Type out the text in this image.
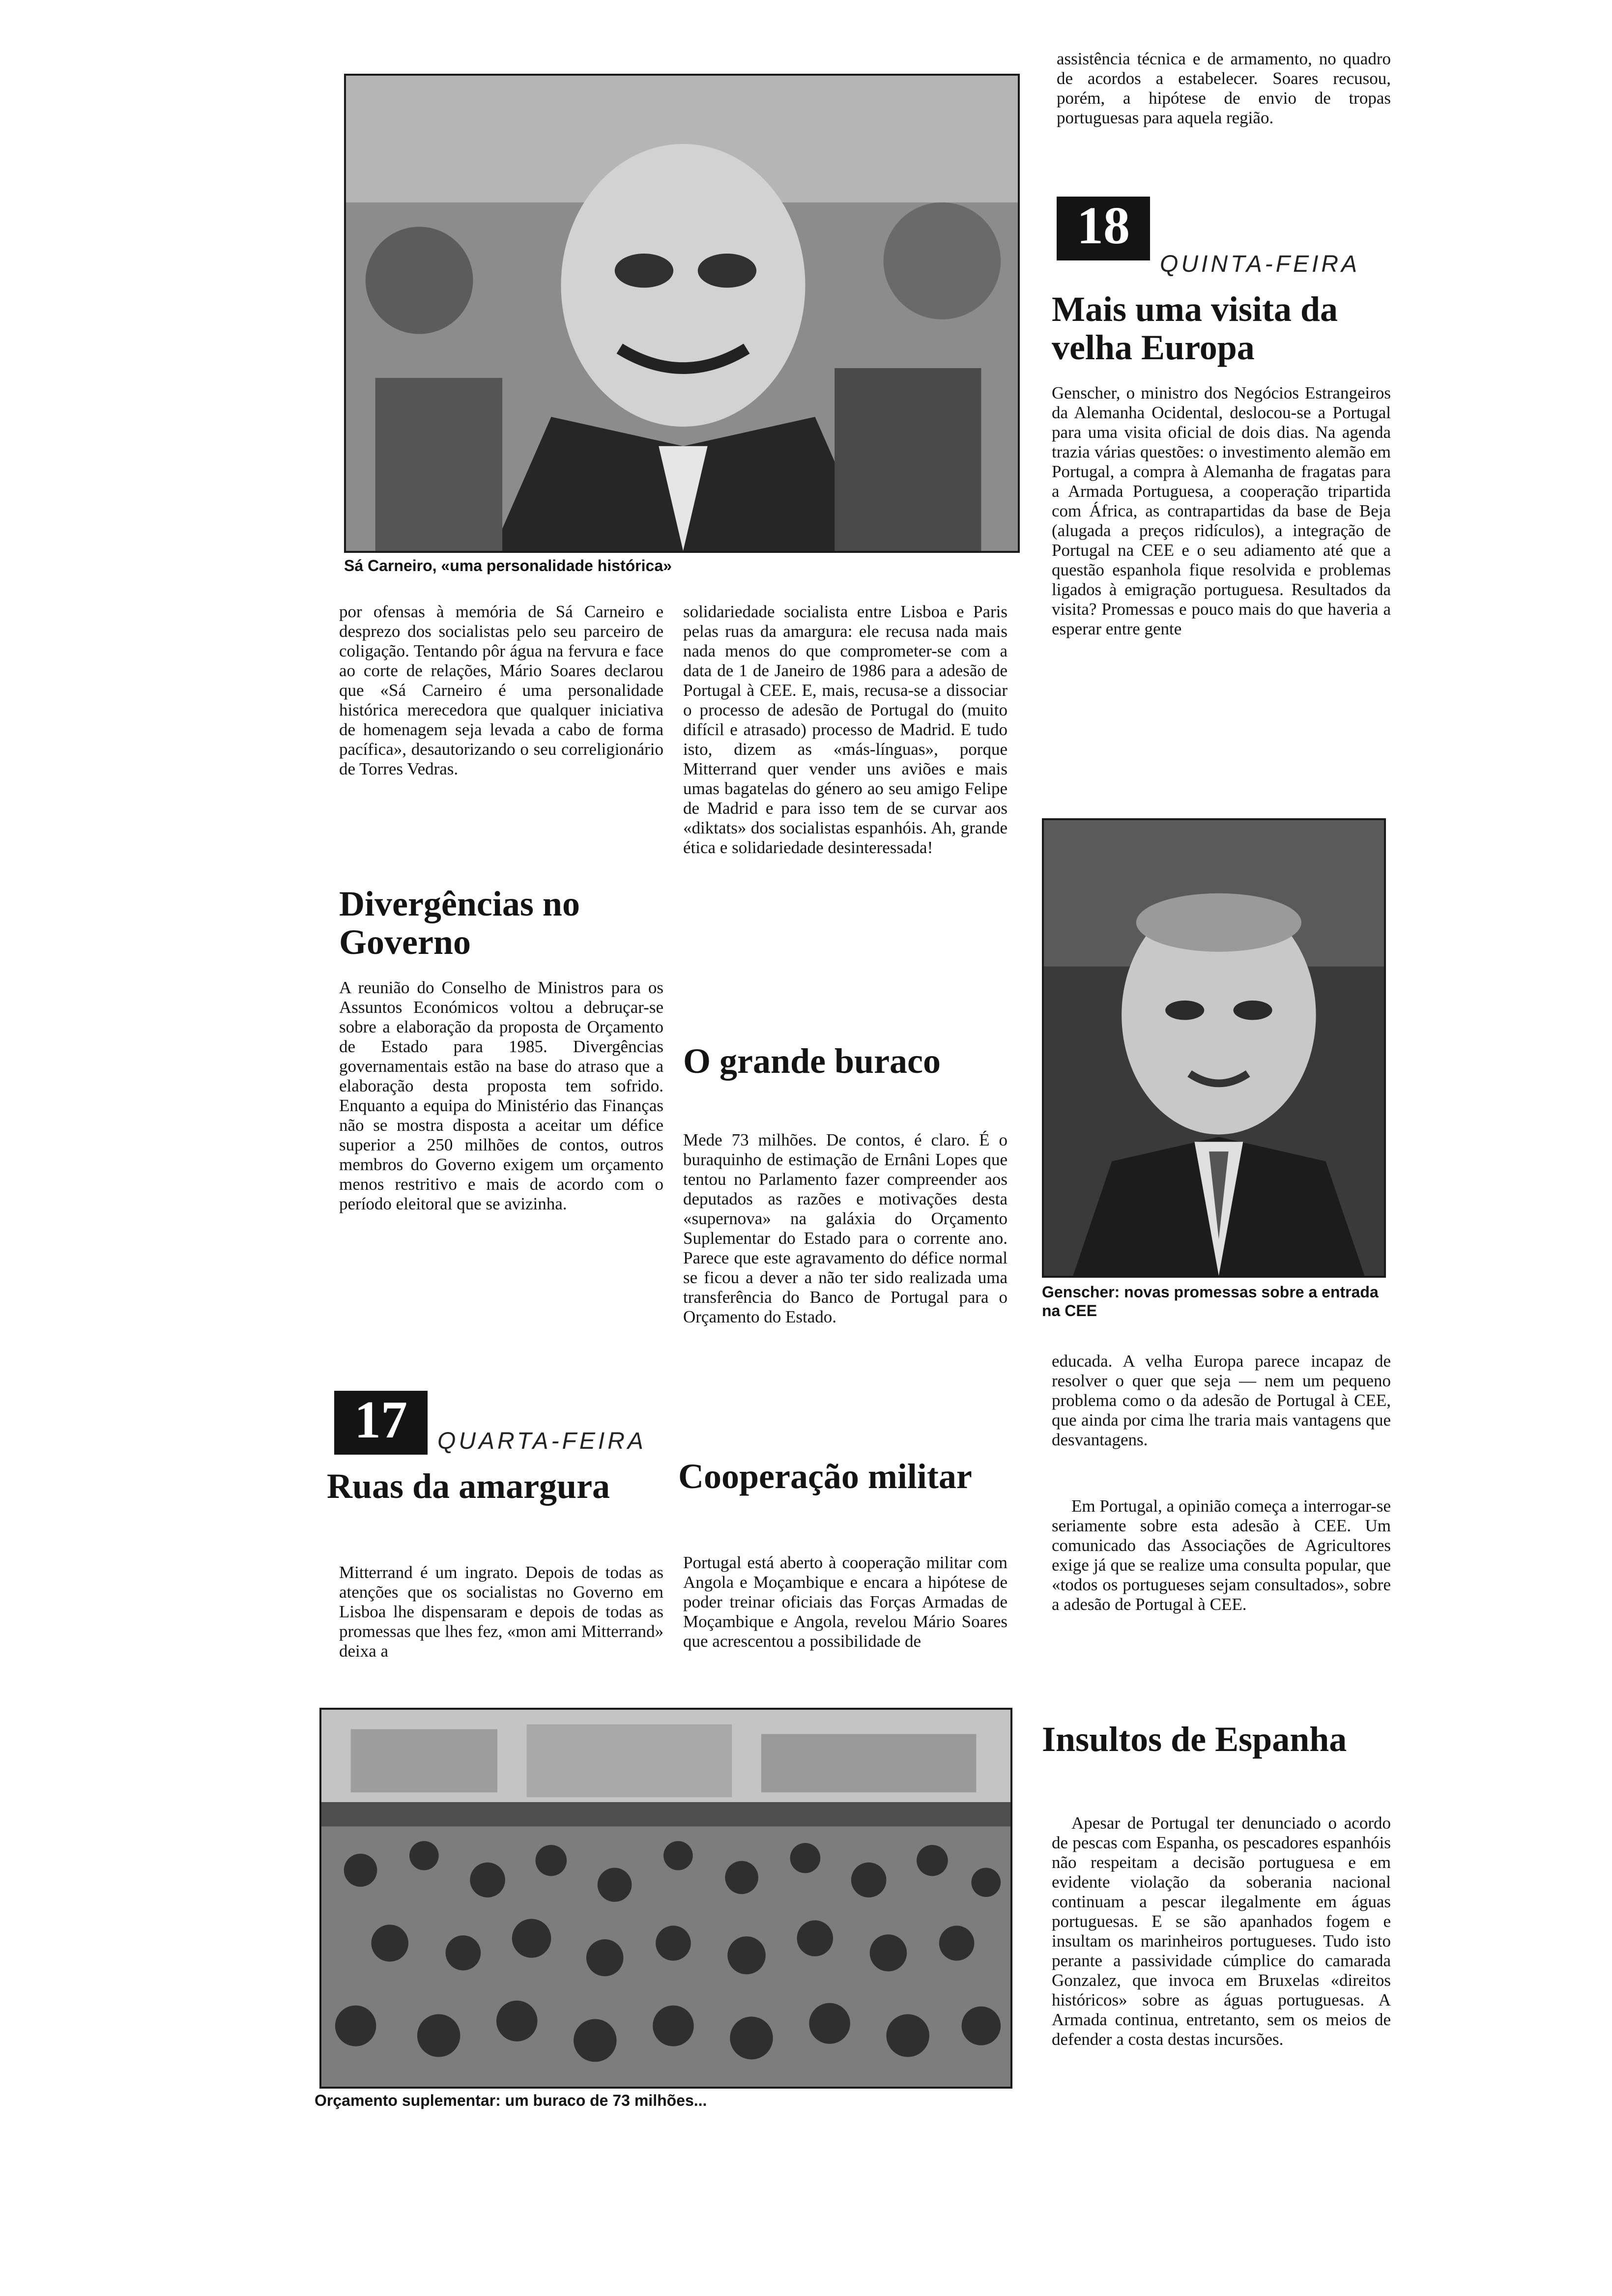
Sá Carneiro, «uma personalidade histórica»

por ofensas à memória de Sá Carneiro e desprezo dos socialistas pelo seu parceiro de coligação. Tentando pôr água na fervura e face ao corte de relações, Mário Soares declarou que «Sá Carneiro é uma personalidade histórica merecedora que qualquer iniciativa de homenagem seja levada a cabo de forma pacífica», desautorizando o seu correligionário de Torres Vedras.

Divergências no Governo

A reunião do Conselho de Ministros para os Assuntos Económicos voltou a debruçar-se sobre a elaboração da proposta de Orçamento de Estado para 1985. Divergências governamentais estão na base do atraso que a elaboração desta proposta tem sofrido. Enquanto a equipa do Ministério das Finanças não se mostra disposta a aceitar um défice superior a 250 milhões de contos, outros membros do Governo exigem um orçamento menos restritivo e mais de acordo com o período eleitoral que se avizinha.

17	QUARTA-FEIRA
Ruas da amargura

Mitterrand é um ingrato. Depois de todas as atenções que os socialistas no Governo em Lisboa lhe dispensaram e depois de todas as promessas que lhes fez, «mon ami Mitterrand» deixa a

solidariedade socialista entre Lisboa e Paris pelas ruas da amargura: ele recusa nada mais nada menos do que comprometer-se com a data de 1 de Janeiro de 1986 para a adesão de Portugal à CEE. E, mais, recusa-se a dissociar o processo de adesão de Portugal do (muito difícil e atrasado) processo de Madrid. E tudo isto, dizem as «más-línguas», porque Mitterrand quer vender uns aviões e mais umas bagatelas do género ao seu amigo Felipe de Madrid e para isso tem de se curvar aos «diktats» dos socialistas espanhóis. Ah, grande ética e solidariedade desinteressada!

O grande buraco

Mede 73 milhões. De contos, é claro. É o buraquinho de estimação de Ernâni Lopes que tentou no Parlamento fazer compreender aos deputados as razões e motivações desta «supernova» na galáxia do Orçamento Suplementar do Estado para o corrente ano. Parece que este agravamento do défice normal se ficou a dever a não ter sido realizada uma transferência do Banco de Portugal para o Orçamento do Estado.

Cooperação militar

Portugal está aberto à cooperação militar com Angola e Moçambique e encara a hipótese de poder treinar oficiais das Forças Armadas de Moçambique e Angola, revelou Mário Soares que acrescentou a possibilidade de

Orçamento suplementar: um buraco de 73 milhões...

assistência técnica e de armamento, no quadro de acordos a estabelecer. Soares recusou, porém, a hipótese de envio de tropas portuguesas para aquela região.

18
QUINTA-FEIRA
Mais uma visita da velha Europa

Genscher, o ministro dos Negócios Estrangeiros da Alemanha Ocidental, deslocou-se a Portugal para uma visita oficial de dois dias. Na agenda trazia várias questões: o investimento alemão em Portugal, a compra à Alemanha de fragatas para a Armada Portuguesa, a cooperação tripartida com África, as contrapartidas da base de Beja (alugada a preços ridículos), a integração de Portugal na CEE e o seu adiamento até que a questão espanhola fique resolvida e problemas ligados à emigração portuguesa. Resultados da visita? Promessas e pouco mais do que haveria a esperar entre gente

Genscher: novas promessas sobre a entrada na CEE

educada. A velha Europa parece incapaz de resolver o quer que seja — nem um pequeno problema como o da adesão de Portugal à CEE, que ainda por cima lhe traria mais vantagens que desvantagens.

Em Portugal, a opinião começa a interrogar-se seriamente sobre esta adesão à CEE. Um comunicado das Associações de Agricultores exige já que se realize uma consulta popular, que «todos os portugueses sejam consultados», sobre a adesão de Portugal à CEE.

Insultos de Espanha

Apesar de Portugal ter denunciado o acordo de pescas com Espanha, os pescadores espanhóis não respeitam a decisão portuguesa e em evidente violação da soberania nacional continuam a pescar ilegalmente em águas portuguesas. E se são apanhados fogem e insultam os marinheiros portugueses. Tudo isto perante a passividade cúmplice do camarada Gonzalez, que invoca em Bruxelas «direitos históricos» sobre as águas portuguesas. A Armada continua, entretanto, sem os meios de defender a costa destas incursões.
